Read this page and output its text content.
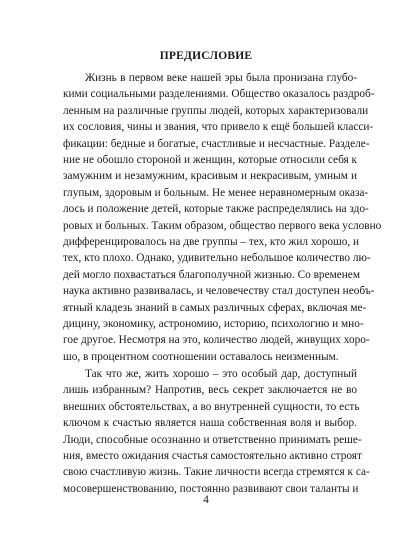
ПРЕДИСЛОВИЕ
Жизнь в первом веке нашей эры была пронизана глубо-
кими социальными разделениями. Общество оказалось раздроб-
ленным на различные группы людей, которых характеризовали
их сословия, чины и звания, что привело к ещё большей класси-
фикации: бедные и богатые, счастливые и несчастные. Разделе-
ние не обошло стороной и женщин, которые относили себя к
замужним и незамужним, красивым и некрасивым, умным и
глупым, здоровым и больным. Не менее неравномерным оказа-
лось и положение детей, которые также распределялись на здо-
ровых и больных. Таким образом, общество первого века условно
дифференцировалось на две группы – тех, кто жил хорошо, и
тех, кто плохо. Однако, удивительно небольшое количество лю-
дей могло похвастаться благополучной жизнью. Со временем
наука активно развивалась, и человечеству стал доступен необъ-
ятный кладезь знаний в самых различных сферах, включая ме-
дицину, экономику, астрономию, историю, психологию и мно-
гое другое. Несмотря на это, количество людей, живущих хоро-
шо, в процентном соотношении оставалось неизменным.
Так что же, жить хорошо – это особый дар, доступный
лишь избранным? Напротив, весь секрет заключается не во
внешних обстоятельствах, а во внутренней сущности, то есть
ключом к счастью является наша собственная воля и выбор.
Люди, способные осознанно и ответственно принимать реше-
ния, вместо ожидания счастья самостоятельно активно строят
свою счастливую жизнь. Такие личности всегда стремятся к са-
мосовершенствованию, постоянно развивают свои таланты и
4
